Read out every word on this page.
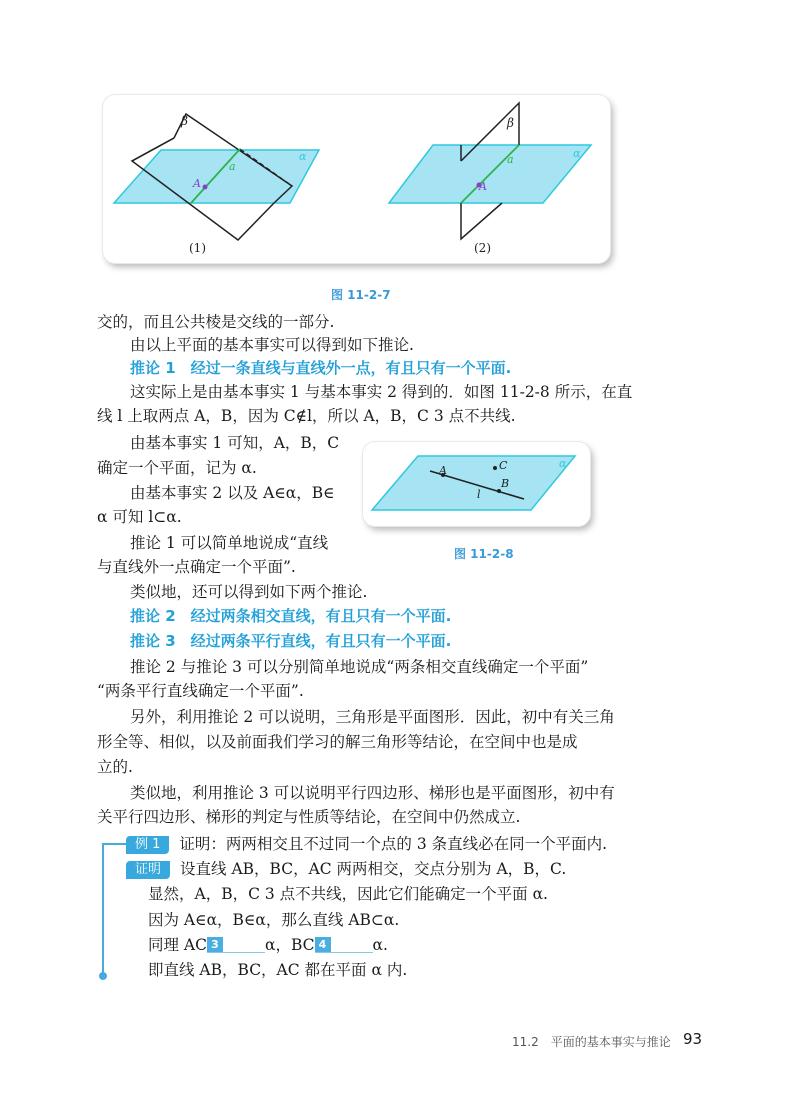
β
α
a
A
(1)
β
α
a
A
(2)
图 11-2-7
A
B
C
l
α
图 11-2-8
交的，而且公共棱是交线的一部分.
由以上平面的基本事实可以得到如下推论.
推论 1　经过一条直线与直线外一点，有且只有一个平面.
这实际上是由基本事实 1 与基本事实 2 得到的．如图 11-2-8 所示，在直
线 l 上取两点 A，B，因为 C∉l，所以 A，B，C 3 点不共线.
由基本事实 1 可知，A，B，C
确定一个平面，记为 α.
由基本事实 2 以及 A∈α，B∈
α 可知 l⊂α.
推论 1 可以简单地说成“直线
与直线外一点确定一个平面”.
类似地，还可以得到如下两个推论.
推论 2　经过两条相交直线，有且只有一个平面.
推论 3　经过两条平行直线，有且只有一个平面.
推论 2 与推论 3 可以分别简单地说成“两条相交直线确定一个平面”
“两条平行直线确定一个平面”.
另外，利用推论 2 可以说明，三角形是平面图形．因此，初中有关三角
形全等、相似，以及前面我们学习的解三角形等结论，在空间中也是成
立的.
类似地，利用推论 3 可以说明平行四边形、梯形也是平面图形，初中有
关平行四边形、梯形的判定与性质等结论，在空间中仍然成立.
例 1 证明：两两相交且不过同一个点的 3 条直线必在同一个平面内.
证明 设直线 AB，BC，AC 两两相交，交点分别为 A，B，C.
显然，A，B，C 3 点不共线，因此它们能确定一个平面 α.
因为 A∈α，B∈α，那么直线 AB⊂α.
同理 AC 3	α，BC 4	α.
即直线 AB，BC，AC 都在平面 α 内.
11.2　平面的基本事实与推论 93
